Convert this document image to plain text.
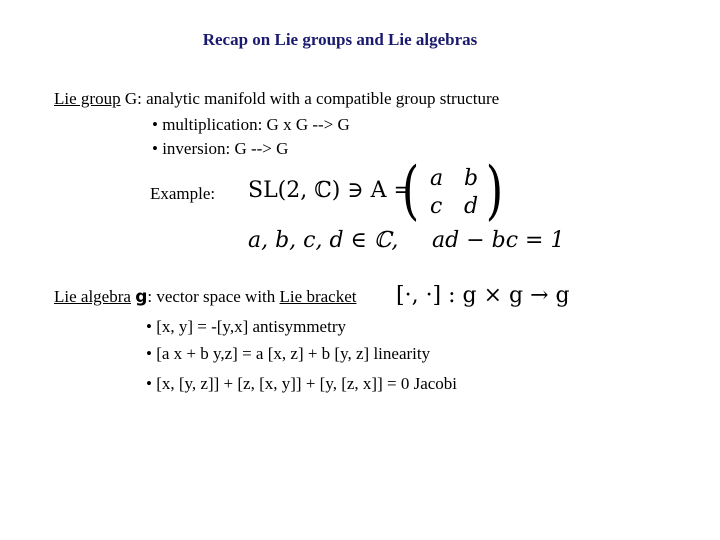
Recap on Lie groups and Lie algebras
Lie group G: analytic manifold with a compatible group structure
• multiplication: G x G --> G
• inversion: G --> G
Example: SL(2, ℂ) ∋ A =
( a b
c d )
a, b, c, d ∈ ℂ, ad − bc = 1
Lie algebra g: vector space with Lie bracket [·, ·] : g × g → g
• [x, y] = -[y,x] antisymmetry
• [a x + b y,z] = a [x, z] + b [y, z] linearity
• [x, [y, z]] + [z, [x, y]] + [y, [z, x]] = 0 Jacobi
